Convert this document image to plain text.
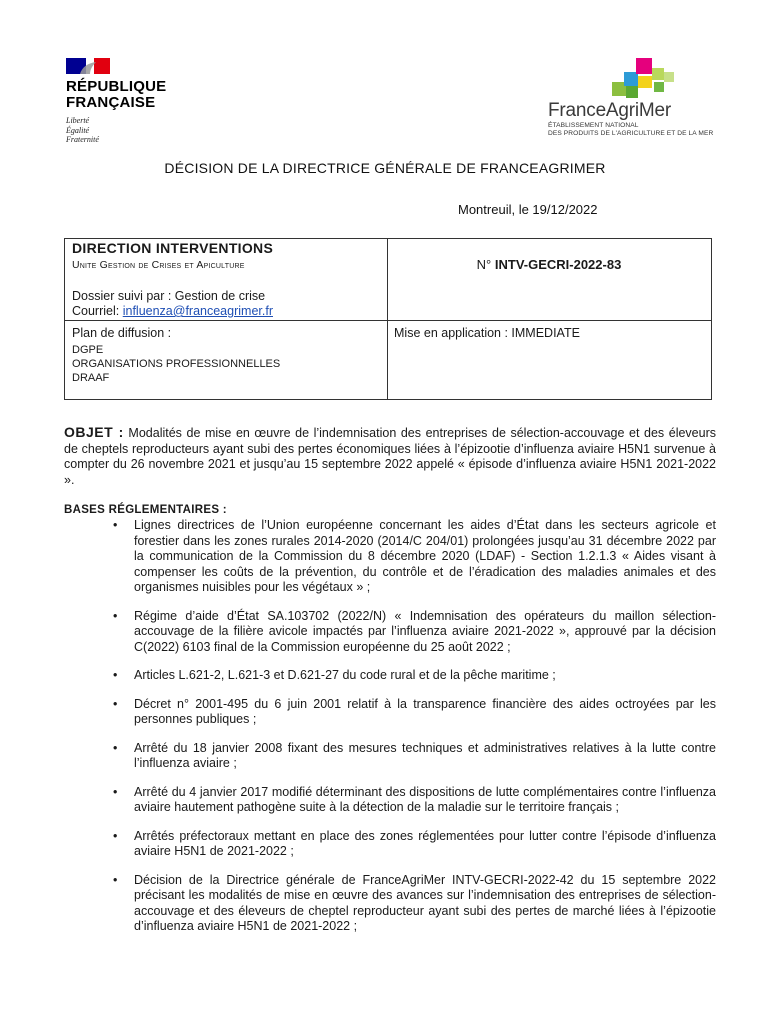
RÉPUBLIQUE
FRANÇAISE
Liberté
Égalité
Fraternité
FranceAgriMer
ÉTABLISSEMENT NATIONAL
DES PRODUITS DE L'AGRICULTURE ET DE LA MER
DÉCISION DE LA DIRECTRICE GÉNÉRALE DE FRANCEAGRIMER
Montreuil, le 19/12/2022
DIRECTION INTERVENTIONS
Unite Gestion de Crises et Apiculture
Dossier suivi par : Gestion de crise
Courriel: influenza@franceagrimer.fr
N° INTV-GECRI-2022-83
Plan de diffusion :
DGPE
ORGANISATIONS PROFESSIONNELLES
DRAAF
Mise en application : IMMEDIATE
OBJET : Modalités de mise en œuvre de l’indemnisation des entreprises de sélection-accouvage et des éleveurs de cheptels reproducteurs ayant subi des pertes économiques liées à l’épizootie d’influenza aviaire H5N1 survenue à compter du 26 novembre 2021 et jusqu’au 15 septembre 2022 appelé « épisode d’influenza aviaire H5N1 2021-2022 ».
BASES RÉGLEMENTAIRES :
• Lignes directrices de l’Union européenne concernant les aides d’État dans les secteurs agricole et forestier dans les zones rurales 2014-2020 (2014/C 204/01) prolongées jusqu’au 31 décembre 2022 par la communication de la Commission du 8 décembre 2020 (LDAF) - Section 1.2.1.3 « Aides visant à compenser les coûts de la prévention, du contrôle et de l’éradication des maladies animales et des organismes nuisibles pour les végétaux » ;
• Régime d’aide d’État SA.103702 (2022/N) « Indemnisation des opérateurs du maillon sélection-accouvage de la filière avicole impactés par l’influenza aviaire 2021-2022 », approuvé par la décision C(2022) 6103 final de la Commission européenne du 25 août 2022 ;
• Articles L.621-2, L.621-3 et D.621-27 du code rural et de la pêche maritime ;
• Décret n° 2001-495 du 6 juin 2001 relatif à la transparence financière des aides octroyées par les personnes publiques ;
• Arrêté du 18 janvier 2008 fixant des mesures techniques et administratives relatives à la lutte contre l’influenza aviaire ;
• Arrêté du 4 janvier 2017 modifié déterminant des dispositions de lutte complémentaires contre l’influenza aviaire hautement pathogène suite à la détection de la maladie sur le territoire français ;
• Arrêtés préfectoraux mettant en place des zones réglementées pour lutter contre l’épisode d’influenza aviaire H5N1 de 2021-2022 ;
• Décision de la Directrice générale de FranceAgriMer INTV-GECRI-2022-42 du 15 septembre 2022 précisant les modalités de mise en œuvre des avances sur l’indemnisation des entreprises de sélection-accouvage et des éleveurs de cheptel reproducteur ayant subi des pertes de marché liées à l’épizootie d’influenza aviaire H5N1 de 2021-2022 ;
